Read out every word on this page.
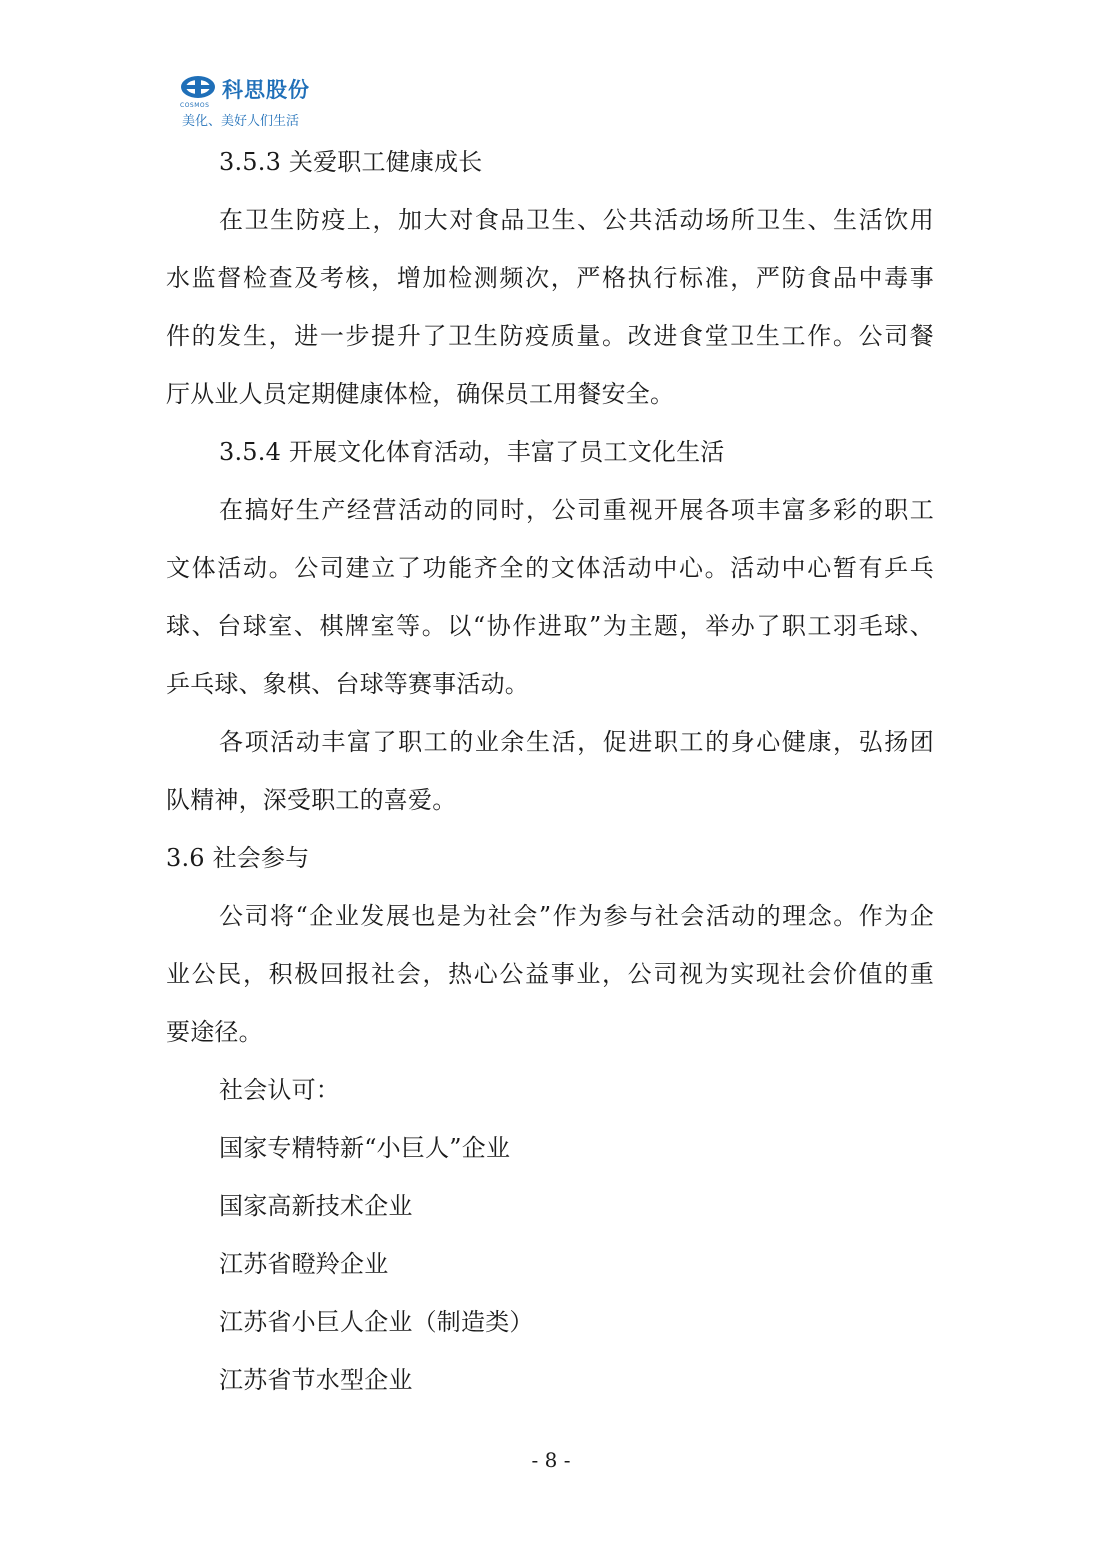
科思股份
COSMOS
美化、美好人们生活
3.5.3 关爱职工健康成长
在卫生防疫上，加大对食品卫生、公共活动场所卫生、生活饮用
水监督检查及考核，增加检测频次，严格执行标准，严防食品中毒事
件的发生，进一步提升了卫生防疫质量。改进食堂卫生工作。公司餐
厅从业人员定期健康体检，确保员工用餐安全。
3.5.4 开展文化体育活动，丰富了员工文化生活
在搞好生产经营活动的同时，公司重视开展各项丰富多彩的职工
文体活动。公司建立了功能齐全的文体活动中心。活动中心暂有乒乓
球、台球室、棋牌室等。以“协作进取”为主题，举办了职工羽毛球、
乒乓球、象棋、台球等赛事活动。
各项活动丰富了职工的业余生活，促进职工的身心健康，弘扬团
队精神，深受职工的喜爱。
3.6 社会参与
公司将“企业发展也是为社会”作为参与社会活动的理念。作为企
业公民，积极回报社会，热心公益事业，公司视为实现社会价值的重
要途径。
社会认可：
国家专精特新“小巨人”企业
国家高新技术企业
江苏省瞪羚企业
江苏省小巨人企业（制造类）
江苏省节水型企业
- 8 -
